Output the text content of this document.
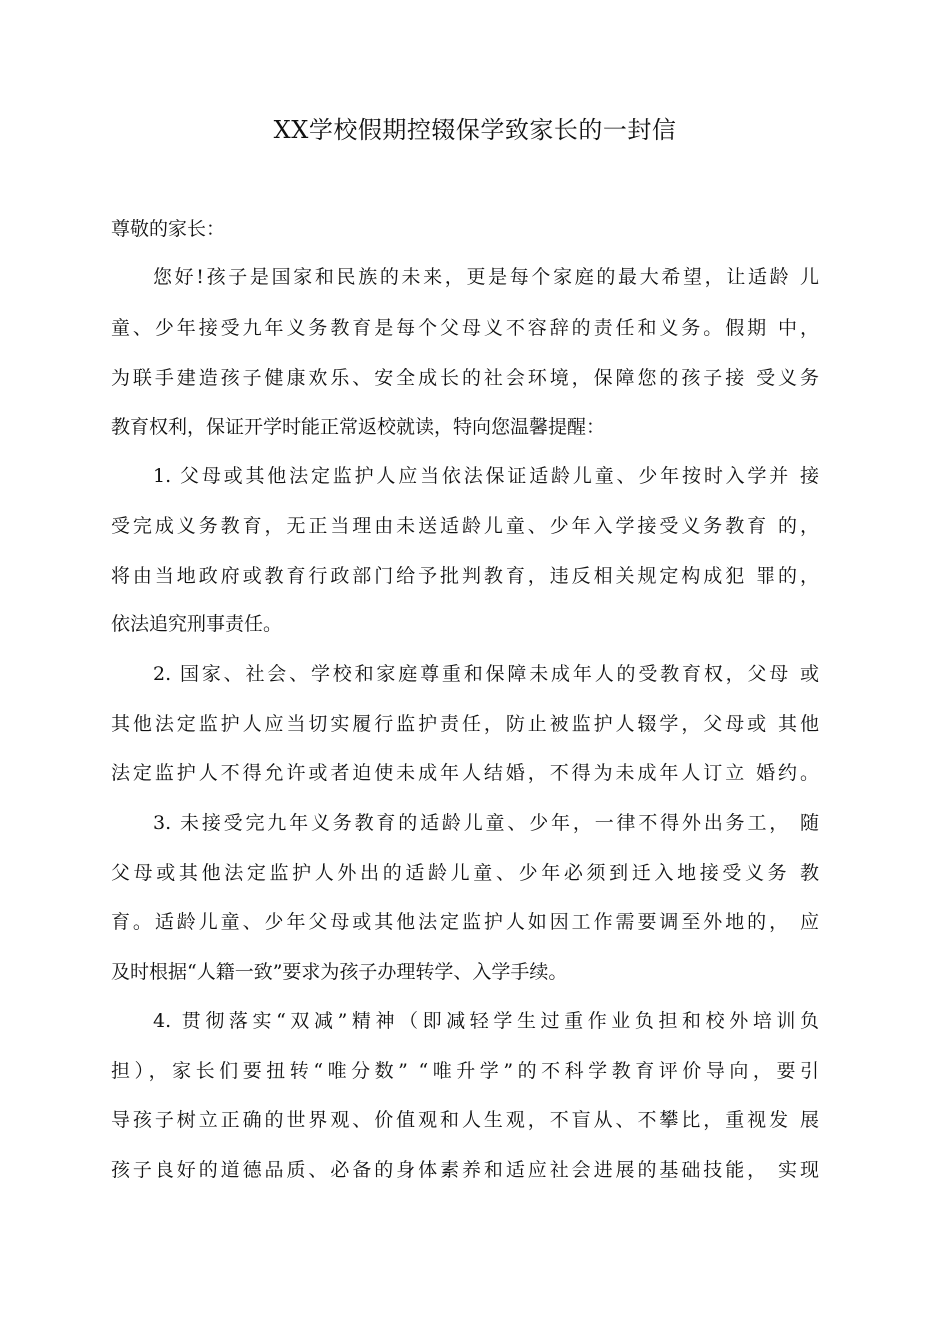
XX学校假期控辍保学致家长的一封信
尊敬的家长：
您好!孩子是国家和民族的未来，更是每个家庭的最大希望，让适龄 儿
童、少年接受九年义务教育是每个父母义不容辞的责任和义务。假期 中，
为联手建造孩子健康欢乐、安全成长的社会环境，保障您的孩子接 受义务
教育权利，保证开学时能正常返校就读，特向您温馨提醒：
1. 父母或其他法定监护人应当依法保证适龄儿童、少年按时入学并 接
受完成义务教育，无正当理由未送适龄儿童、少年入学接受义务教育 的，
将由当地政府或教育行政部门给予批判教育，违反相关规定构成犯 罪的，
依法追究刑事责任。
2. 国家、社会、学校和家庭尊重和保障未成年人的受教育权，父母 或
其他法定监护人应当切实履行监护责任，防止被监护人辍学，父母或 其他
法定监护人不得允许或者迫使未成年人结婚，不得为未成年人订立 婚约。
3. 未接受完九年义务教育的适龄儿童、少年，一律不得外出务工， 随
父母或其他法定监护人外出的适龄儿童、少年必须到迁入地接受义务 教
育。适龄儿童、少年父母或其他法定监护人如因工作需要调至外地的， 应
及时根据“人籍一致”要求为孩子办理转学、入学手续。
4. 贯彻落实“双减”精神（即减轻学生过重作业负担和校外培训负
担），家长们要扭转“唯分数” “唯升学”的不科学教育评价导向，要引
导孩子树立正确的世界观、价值观和人生观，不盲从、不攀比，重视发 展
孩子良好的道德品质、必备的身体素养和适应社会进展的基础技能， 实现
